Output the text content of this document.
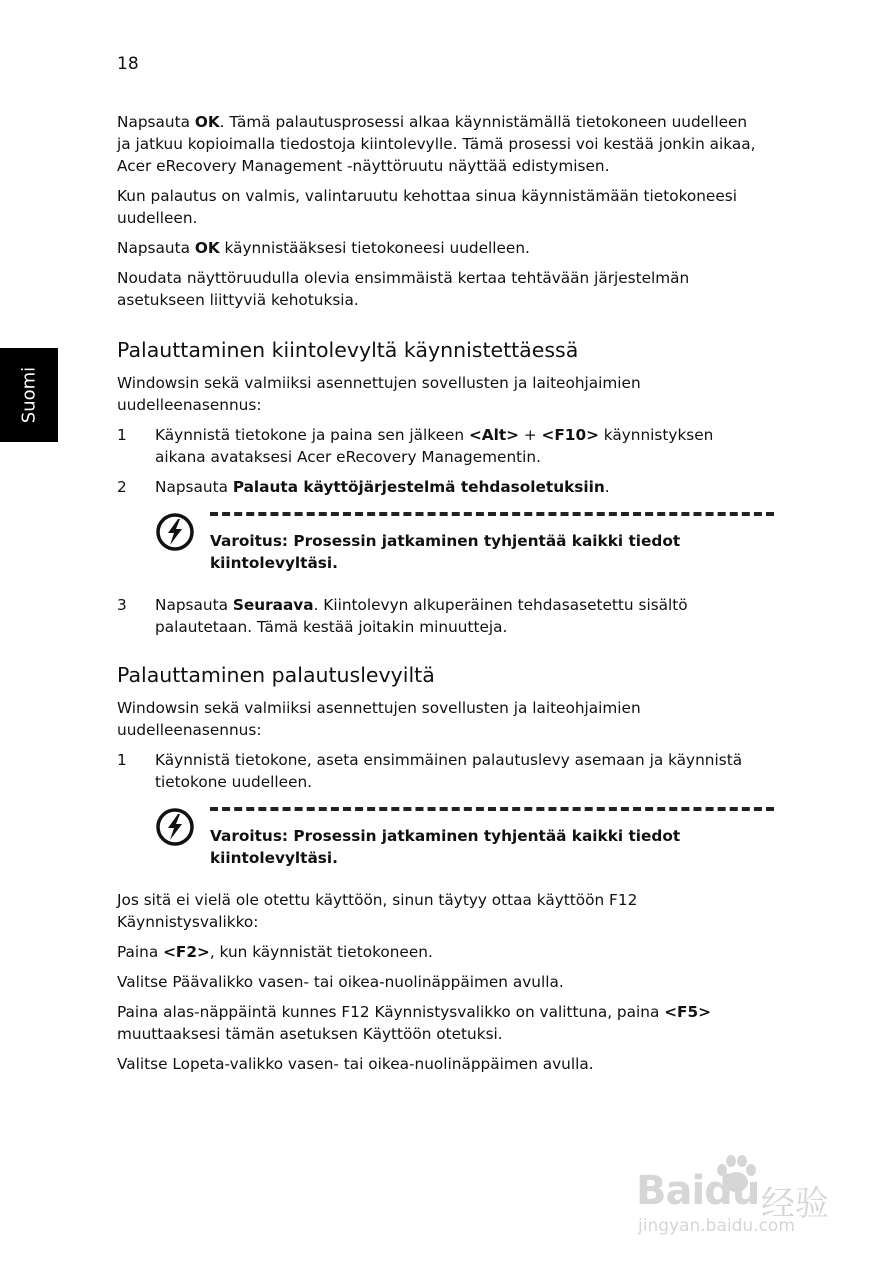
18
Suomi

Napsauta OK. Tämä palautusprosessi alkaa käynnistämällä tietokoneen uudelleen ja jatkuu kopioimalla tiedostoja kiintolevylle. Tämä prosessi voi kestää jonkin aikaa, Acer eRecovery Management -näyttöruutu näyttää edistymisen.

Kun palautus on valmis, valintaruutu kehottaa sinua käynnistämään tietokoneesi uudelleen.

Napsauta OK käynnistääksesi tietokoneesi uudelleen.

Noudata näyttöruudulla olevia ensimmäistä kertaa tehtävään järjestelmän asetukseen liittyviä kehotuksia.

Palauttaminen kiintolevyltä käynnistettäessä

Windowsin sekä valmiiksi asennettujen sovellusten ja laiteohjaimien uudelleenasennus:

1	Käynnistä tietokone ja paina sen jälkeen <Alt> + <F10> käynnistyksen aikana avataksesi Acer eRecovery Managementin.
2	Napsauta Palauta käyttöjärjestelmä tehdasoletuksiin.
Varoitus: Prosessin jatkaminen tyhjentää kaikki tiedot kiintolevyltäsi.
3	Napsauta Seuraava. Kiintolevyn alkuperäinen tehdasasetettu sisältö palautetaan. Tämä kestää joitakin minuutteja.
Palauttaminen palautuslevyiltä

Windowsin sekä valmiiksi asennettujen sovellusten ja laiteohjaimien uudelleenasennus:

1	Käynnistä tietokone, aseta ensimmäinen palautuslevy asemaan ja käynnistä tietokone uudelleen.
Varoitus: Prosessin jatkaminen tyhjentää kaikki tiedot kiintolevyltäsi.

Jos sitä ei vielä ole otettu käyttöön, sinun täytyy ottaa käyttöön F12 Käynnistysvalikko:

Paina <F2>, kun käynnistät tietokoneen.

Valitse Päävalikko vasen- tai oikea-nuolinäppäimen avulla.

Paina alas-näppäintä kunnes F12 Käynnistysvalikko on valittuna, paina <F5> muuttaaksesi tämän asetuksen Käyttöön otetuksi.

Valitse Lopeta-valikko vasen- tai oikea-nuolinäppäimen avulla.

Baidu 经验
jingyan.baidu.com
